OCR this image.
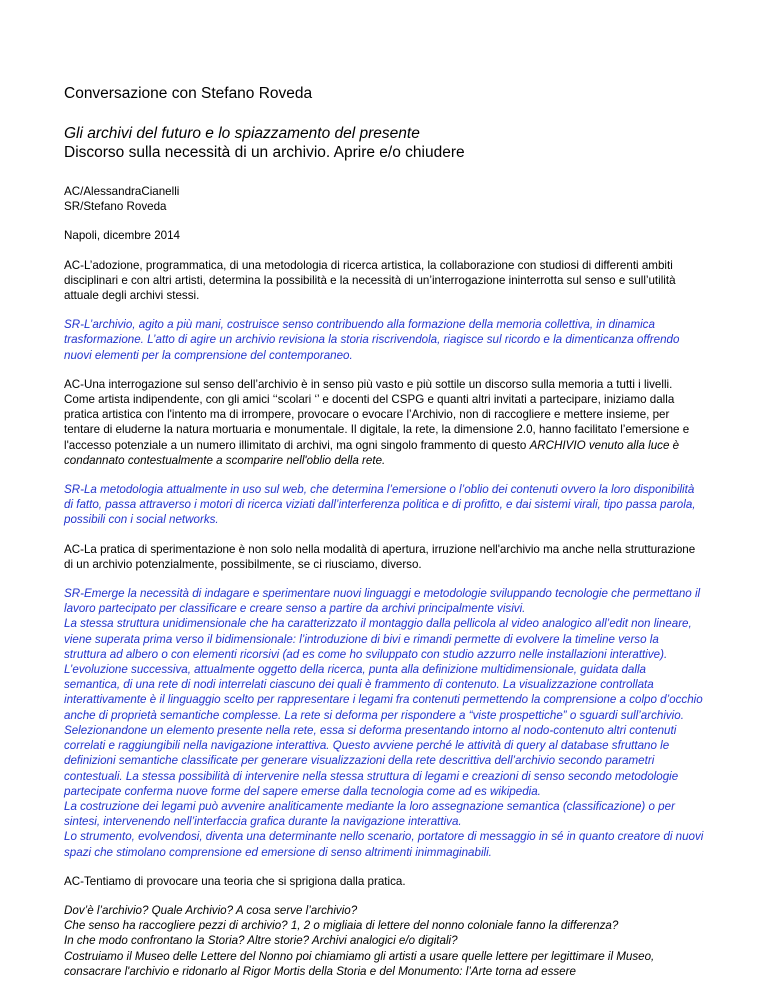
Conversazione con Stefano Roveda
Gli archivi del futuro e lo spiazzamento del presente
Discorso sulla necessità di un archivio. Aprire e/o chiudere
AC/AlessandraCianelli
SR/Stefano Roveda
Napoli, dicembre 2014
AC-L’adozione, programmatica, di una metodologia di ricerca artistica, la collaborazione con studiosi di differenti ambiti disciplinari e con altri artisti, determina la possibilità e la necessità di un’interrogazione ininterrotta sul senso e sull’utilità attuale degli archivi stessi.
SR-L’archivio, agito a più mani, costruisce senso contribuendo alla formazione della memoria collettiva, in dinamica trasformazione. L’atto di agire un archivio revisiona la storia riscrivendola, riagisce sul ricordo e la dimenticanza offrendo nuovi elementi per la comprensione del contemporaneo.
AC-Una interrogazione sul senso dell’archivio è in senso più vasto e più sottile un discorso sulla memoria a tutti i livelli. Come artista indipendente, con gli amici ‘‘scolari ‘’ e docenti del CSPG e quanti altri invitati a partecipare, iniziamo dalla pratica artistica con l'intento ma di irrompere, provocare o evocare l’Archivio, non di raccogliere e mettere insieme, per tentare di eluderne la natura mortuaria e monumentale. Il digitale, la rete, la dimensione 2.0, hanno facilitato l’emersione e l'accesso potenziale a un numero illimitato di archivi, ma ogni singolo frammento di questo ARCHIVIO venuto alla luce è condannato contestualmente a scomparire nell'oblio della rete.
SR-La metodologia attualmente in uso sul web, che determina l’emersione o l’oblio dei contenuti ovvero la loro disponibilità di fatto, passa attraverso i motori di ricerca viziati dall’interferenza politica e di profitto, e dai sistemi virali, tipo passa parola, possibili con i social networks.
AC-La pratica di sperimentazione è non solo nella modalità di apertura, irruzione nell'archivio ma anche nella strutturazione di un archivio potenzialmente, possibilmente, se ci riusciamo, diverso.
SR-Emerge la necessità di indagare e sperimentare nuovi linguaggi e metodologie sviluppando tecnologie che permettano il lavoro partecipato per classificare e creare senso a partire da archivi principalmente visivi.
La stessa struttura unidimensionale che ha caratterizzato il montaggio dalla pellicola al video analogico all’edit non lineare, viene superata prima verso il bidimensionale: l’introduzione di bivi e rimandi permette di evolvere la timeline verso la struttura ad albero o con elementi ricorsivi (ad es come ho sviluppato con studio azzurro nelle installazioni interattive). L’evoluzione successiva, attualmente oggetto della ricerca, punta alla definizione multidimensionale, guidata dalla semantica, di una rete di nodi interrelati ciascuno dei quali è frammento di contenuto. La visualizzazione controllata interattivamente è il linguaggio scelto per rappresentare i legami fra contenuti permettendo la comprensione a colpo d’occhio anche di proprietà semantiche complesse. La rete si deforma per rispondere a “viste prospettiche” o sguardi sull’archivio. Selezionandone un elemento presente nella rete, essa si deforma presentando intorno al nodo-contenuto altri contenuti correlati e raggiungibili nella navigazione interattiva. Questo avviene perché le attività di query al database sfruttano le definizioni semantiche classificate per generare visualizzazioni della rete descrittiva dell’archivio secondo parametri contestuali. La stessa possibilità di intervenire nella stessa struttura di legami e creazioni di senso secondo metodologie partecipate conferma nuove forme del sapere emerse dalla tecnologia come ad es wikipedia.
La costruzione dei legami può avvenire analiticamente mediante la loro assegnazione semantica (classificazione) o per sintesi, intervenendo nell’interfaccia grafica durante la navigazione interattiva.
Lo strumento, evolvendosi, diventa una determinante nello scenario, portatore di messaggio in sé in quanto creatore di nuovi spazi che stimolano comprensione ed emersione di senso altrimenti inimmaginabili.
AC-Tentiamo di provocare una teoria che si sprigiona dalla pratica.
Dov’è l’archivio? Quale Archivio? A cosa serve l’archivio?
Che senso ha raccogliere pezzi di archivio? 1, 2 o migliaia di lettere del nonno coloniale fanno la differenza?
In che modo confrontano la Storia? Altre storie? Archivi analogici e/o digitali?
Costruiamo il Museo delle Lettere del Nonno poi chiamiamo gli artisti a usare quelle lettere per legittimare il Museo, consacrare l'archivio e ridonarlo al Rigor Mortis della Storia e del Monumento: l’Arte torna ad essere
